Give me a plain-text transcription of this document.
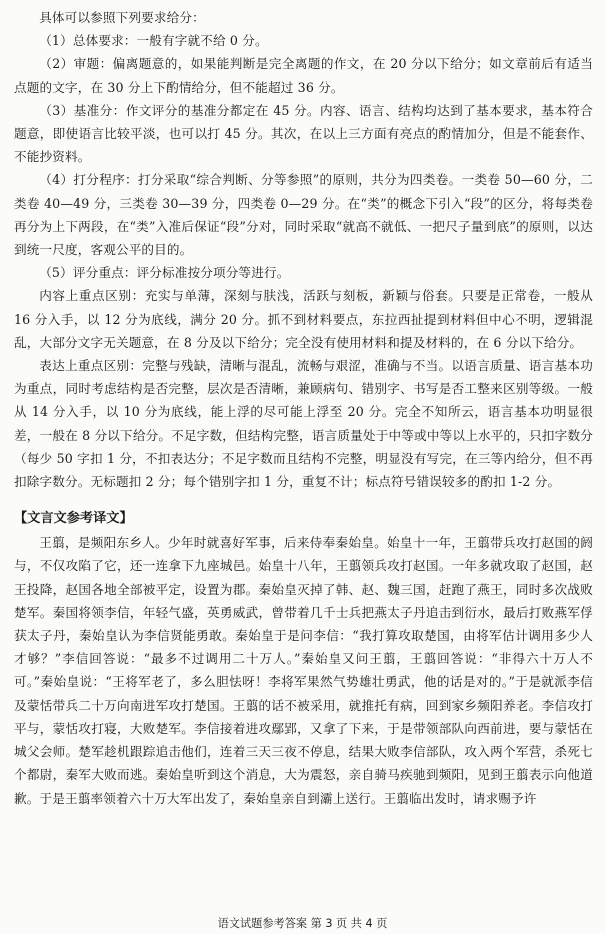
具体可以参照下列要求给分：

（1）总体要求：一般有字就不给 0 分。

（2）审题：偏离题意的，如果能判断是完全离题的作文，在 20 分以下给分；如文章前后有适当点题的文字，在 30 分上下酌情给分，但不能超过 36 分。

（3）基准分：作文评分的基准分都定在 45 分。内容、语言、结构均达到了基本要求，基本符合题意，即使语言比较平淡，也可以打 45 分。其次，在以上三方面有亮点的酌情加分，但是不能套作、不能抄资料。

（4）打分程序：打分采取“综合判断、分等参照”的原则，共分为四类卷。一类卷 50—60 分，二类卷 40—49 分，三类卷 30—39 分，四类卷 0—29 分。在“类”的概念下引入“段”的区分，将每类卷再分为上下两段，在“类”入准后保证“段”分对，同时采取“就高不就低、一把尺子量到底”的原则，以达到统一尺度，客观公平的目的。

（5）评分重点：评分标准按分项分等进行。

内容上重点区别：充实与单薄，深刻与肤浅，活跃与刻板，新颖与俗套。只要是正常卷，一般从 16 分入手，以 12 分为底线，满分 20 分。抓不到材料要点，东拉西扯提到材料但中心不明，逻辑混乱，大部分文字无关题意，在 8 分及以下给分；完全没有使用材料和提及材料的，在 6 分以下给分。

表达上重点区别：完整与残缺，清晰与混乱，流畅与艰涩，准确与不当。以语言质量、语言基本功为重点，同时考虑结构是否完整，层次是否清晰，兼顾病句、错别字、书写是否工整来区别等级。一般从 14 分入手，以 10 分为底线，能上浮的尽可能上浮至 20 分。完全不知所云，语言基本功明显很差，一般在 8 分以下给分。不足字数，但结构完整，语言质量处于中等或中等以上水平的，只扣字数分（每少 50 字扣 1 分，不扣表达分；不足字数而且结构不完整，明显没有写完，在三等内给分，但不再扣除字数分。无标题扣 2 分；每个错别字扣 1 分，重复不计；标点符号错误较多的酌扣 1-2 分。

【文言文参考译文】

王翦，是频阳东乡人。少年时就喜好军事，后来侍奉秦始皇。始皇十一年，王翦带兵攻打赵国的阏与，不仅攻陷了它，还一连拿下九座城邑。始皇十八年，王翦领兵攻打赵国。一年多就攻取了赵国，赵王投降，赵国各地全部被平定，设置为郡。秦始皇灭掉了韩、赵、魏三国，赶跑了燕王，同时多次战败楚军。秦国将领李信，年轻气盛，英勇威武，曾带着几千士兵把燕太子丹追击到衍水，最后打败燕军俘获太子丹，秦始皇认为李信贤能勇敢。秦始皇于是问李信：“我打算攻取楚国，由将军估计调用多少人才够？”李信回答说：“最多不过调用二十万人。”秦始皇又问王翦，王翦回答说：“非得六十万人不可。”秦始皇说：“王将军老了，多么胆怯呀！李将军果然气势雄壮勇武，他的话是对的。”于是就派李信及蒙恬带兵二十万向南进军攻打楚国。王翦的话不被采用，就推托有病，回到家乡频阳养老。李信攻打平与，蒙恬攻打寝，大败楚军。李信接着进攻鄢郢，又拿了下来，于是带领部队向西前进，要与蒙恬在城父会师。楚军趁机跟踪追击他们，连着三天三夜不停息，结果大败李信部队，攻入两个军营，杀死七个都尉，秦军大败而逃。秦始皇听到这个消息，大为震怒，亲自骑马疾驰到频阳，见到王翦表示向他道歉。于是王翦率领着六十万大军出发了，秦始皇亲自到灞上送行。王翦临出发时，请求赐予许

语文试题参考答案 第 3 页 共 4 页
